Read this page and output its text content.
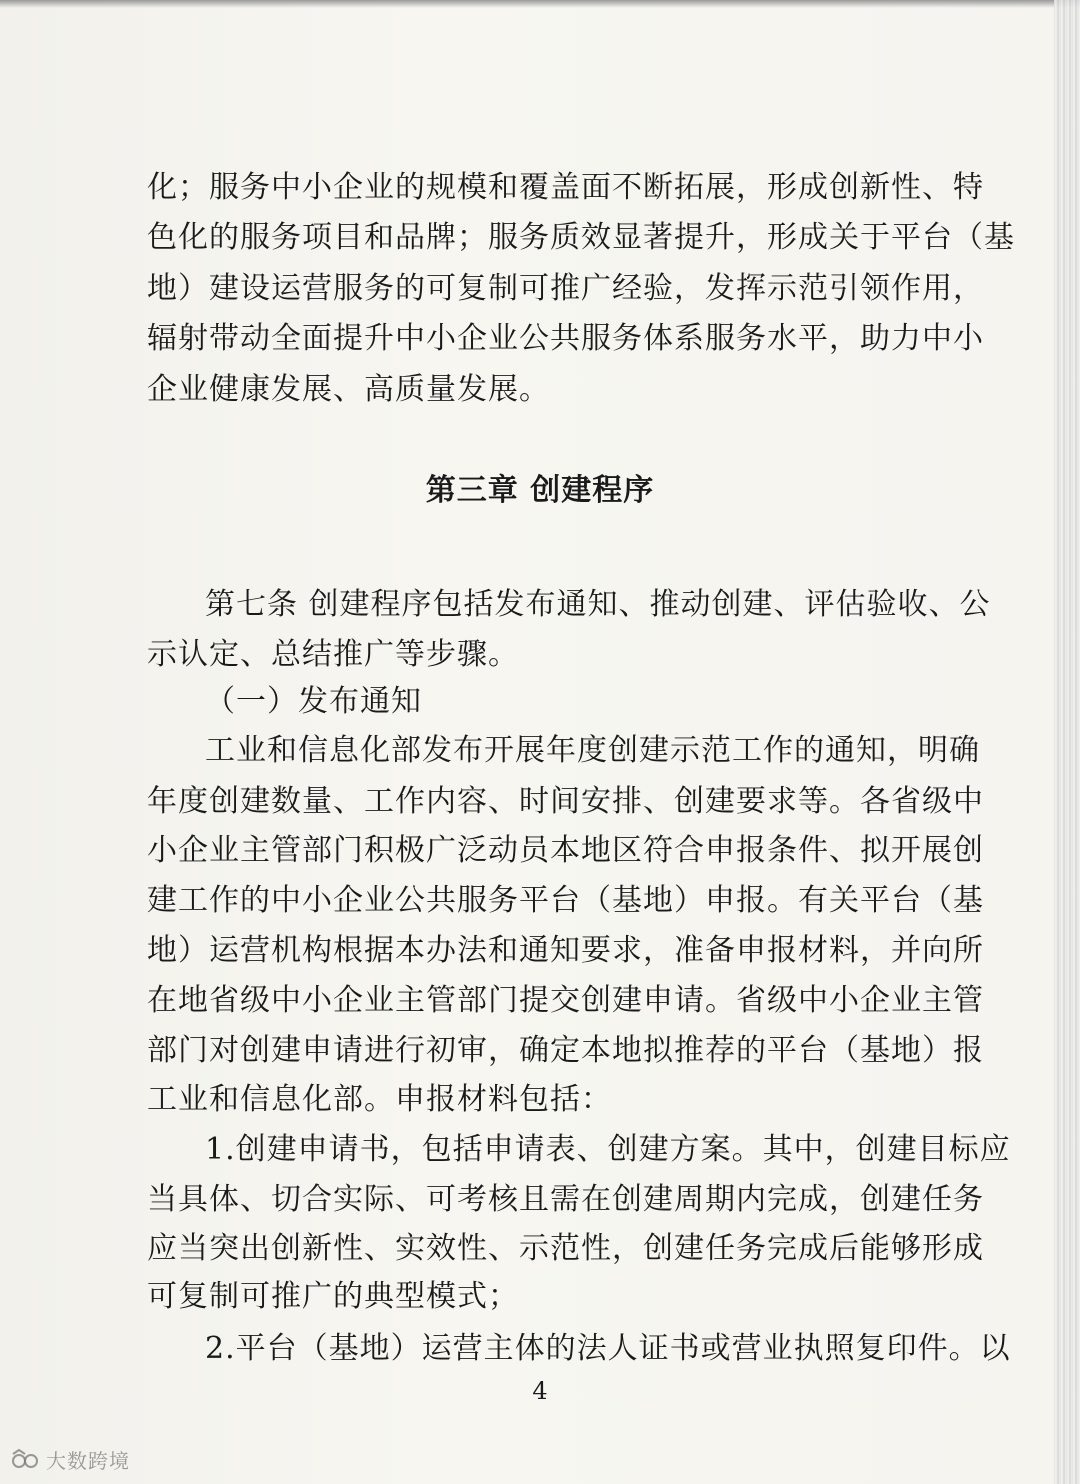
化；服务中小企业的规模和覆盖面不断拓展，形成创新性、特
色化的服务项目和品牌；服务质效显著提升，形成关于平台（基
地）建设运营服务的可复制可推广经验，发挥示范引领作用，
辐射带动全面提升中小企业公共服务体系服务水平，助力中小
企业健康发展、高质量发展。
第三章 创建程序
第七条 创建程序包括发布通知、推动创建、评估验收、公
示认定、总结推广等步骤。
（一）发布通知
工业和信息化部发布开展年度创建示范工作的通知，明确
年度创建数量、工作内容、时间安排、创建要求等。各省级中
小企业主管部门积极广泛动员本地区符合申报条件、拟开展创
建工作的中小企业公共服务平台（基地）申报。有关平台（基
地）运营机构根据本办法和通知要求，准备申报材料，并向所
在地省级中小企业主管部门提交创建申请。省级中小企业主管
部门对创建申请进行初审，确定本地拟推荐的平台（基地）报
工业和信息化部。申报材料包括：
1.创建申请书，包括申请表、创建方案。其中，创建目标应
当具体、切合实际、可考核且需在创建周期内完成，创建任务
应当突出创新性、实效性、示范性，创建任务完成后能够形成
可复制可推广的典型模式；
2.平台（基地）运营主体的法人证书或营业执照复印件。以
4
大数跨境
